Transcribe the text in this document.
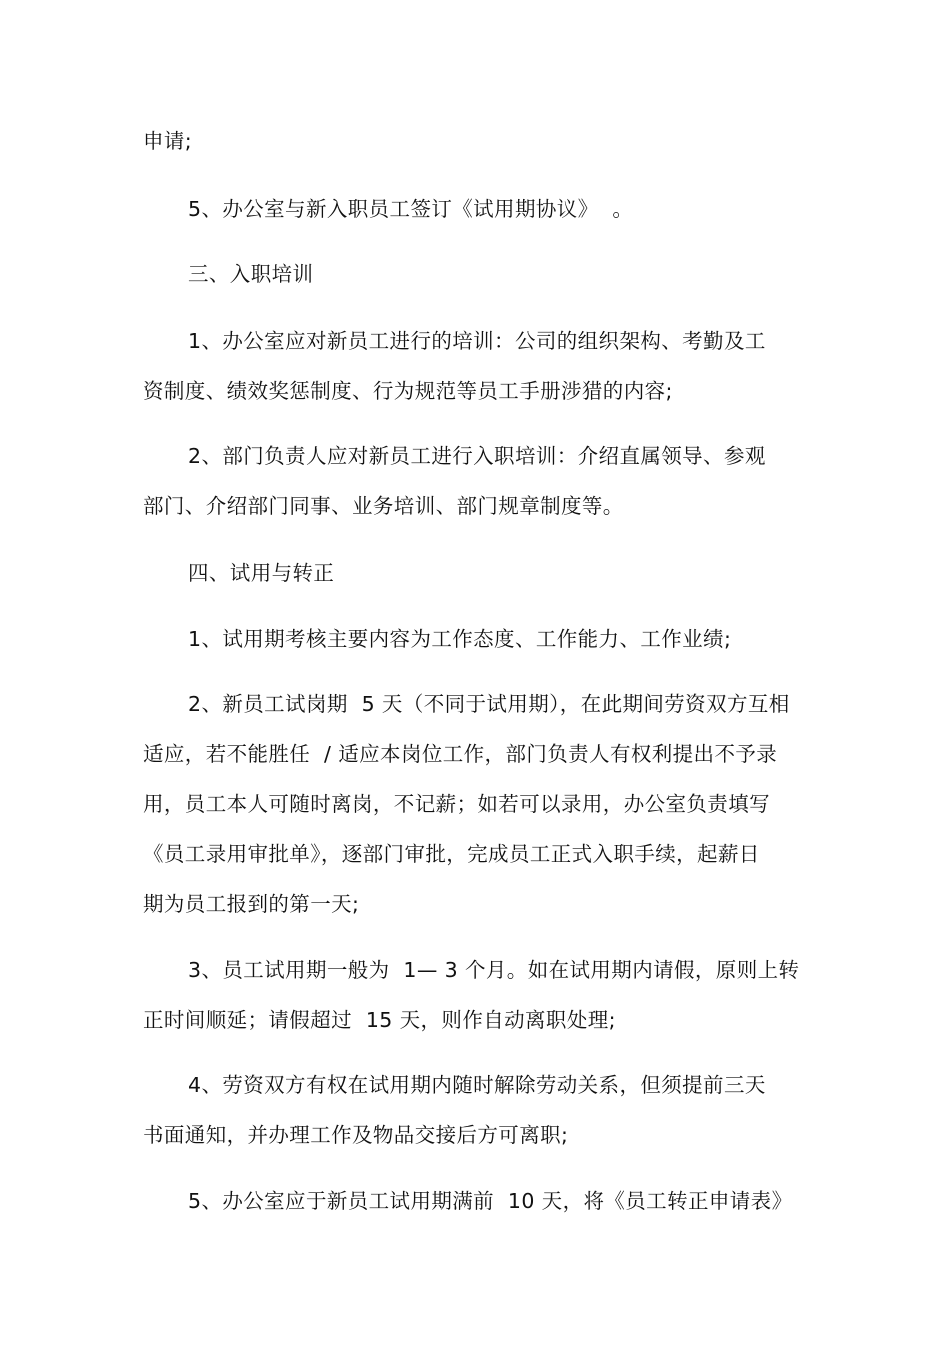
申请;
5、办公室与新入职员工签订《试用期协议》  。
三、入职培训
1、办公室应对新员工进行的培训：公司的组织架构、考勤及工
资制度、绩效奖惩制度、行为规范等员工手册涉猎的内容;
2、部门负责人应对新员工进行入职培训：介绍直属领导、参观
部门、介绍部门同事、业务培训、部门规章制度等。
四、试用与转正
1、试用期考核主要内容为工作态度、工作能力、工作业绩;
2、新员工试岗期  5 天（不同于试用期），在此期间劳资双方互相
适应，若不能胜任  / 适应本岗位工作，部门负责人有权利提出不予录
用，员工本人可随时离岗，不记薪；如若可以录用，办公室负责填写
《员工录用审批单》，逐部门审批，完成员工正式入职手续，起薪日
期为员工报到的第一天;
3、员工试用期一般为  1— 3 个月。如在试用期内请假，原则上转
正时间顺延；请假超过  15 天，则作自动离职处理;
4、劳资双方有权在试用期内随时解除劳动关系，但须提前三天
书面通知，并办理工作及物品交接后方可离职;
5、办公室应于新员工试用期满前  10 天，将《员工转正申请表》
